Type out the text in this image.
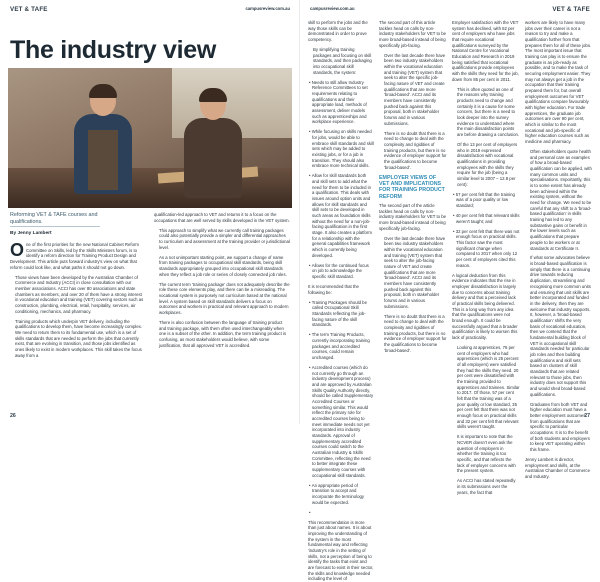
VET & TAFE	campusreview.com.au
The industry view
Reforming VET & TAFE courses and qualifications.
By Jenny Lambert

One of the first priorities for the new National Cabinet Reform Committee on Skills, led by the Skills Ministers forum, is to identify a reform direction for Training Product Design and Development. This article puts forward industry's view on what that reform could look like, and what paths it should not go down.

Those views have been developed by the Australian Chamber of Commerce and Industry (ACCI) in close consultation with our member associations. ACCI has over 80 associations and state chambers as members, and over 20 of them have a strong interest in vocational education and training (VET) covering sectors such as construction, plumbing, electrical, retail, hospitality, services, air conditioning, mechanics, and pharmacy.

Training products which underpin VET delivery, including the qualifications to develop them, have become increasingly complex. We need to return them to its fundamental use, which is a set of skills standards that are needed to perform the jobs that currently exist, that are evolving in transition, and those jobs identified as ones likely to exist in modern workplaces. This skill takes the focus away from a

qualification-led approach to VET and returns it to a focus on the occupations that are well served by skills developed in the VET system.

This approach to simplify what we currently call training packages could also potentially provide a simpler and differential approaches to curriculum and assessment at the training provider or jurisdictional level.

As a not unimportant starting point, we support a change of name from training packages to occupational skill standards, being skill standards appropriately grouped into occupational skill standards when they reflect a job role or series of closely connected job roles.

The current term 'training package' does not adequately describe the role these core elements play, and there can be a misreading. The vocational system is purposely not curriculum based at the national level. A system based on skill standards delivers a focus on outcomes and workers in practical and relevant approach to modern workplaces.

There is also confusion between the language of training product and training package, with them often used interchangeably when one is a subset of the other. In addition, the term training product is confusing, as most stakeholders would believe, with some justification, that all approved VET is accredited.

26
campusreview.com.au	VET & TAFE

skill to perform the jobs and the way those skills can be demonstrated in order to prove competency.

By simplifying training packages and focusing on skill standards, and then packaging into occupational skill standards, the system:

• Needs to still allow Industry Reference Committees to set requirements relating to qualifications and their appropriate load, methods of assessment, deliver models such as apprenticeships and workplace experience.

• While focusing on skills needed for jobs, would be able to embrace skill standards and skill sets which may be added to existing jobs, or for a job in transition. They should also embrace more technical skills.

• Allow for skill standards both and skill sets to add what the need for them to be included in a qualification. This deals with issues around option units and allows for skill standards and skill sets to be developed in such areas as foundation skills without the need for a non-job-facing qualification in the first stage. It also creates a platform for a relationship with the general capabilities framework which is currently being developed.

• Allows for the continued focus on job to acknowledge the specific skill standard.

It is recommended that the following be:

• Training Packages should be called Occupational Skill Standards reflecting the job-facing nature of the skill standards.

• The term Training Products, currently incorporating training packages and accredited courses, could remain unchanged.

• Accredited courses (which do not currently go through an industry development process) and are approved by Australian Skills Quality Authority directly, should be called Supplementary Accredited Courses or something similar. This would reflect the primary role for accredited courses being to meet immediate needs not yet incorporated into industry standards. Approval of supplementary accredited courses could switch to the Australian Industry & Skills Committee, reflecting the need to better integrate these supplementary courses with occupational skill standards.

• An appropriate period of transition to accept and incorporate the terminology would be expected.

•

This recommendation is more than just about names. It is about improving the understanding of the system in the most fundamental way and reflecting 'industry's role in the setting of skills, not a perception of being to identify the tasks that exist and are forecast to exist in their sector, the skills and knowledge needed including the level of

The second part of this article tackles head on calls by non-industry stakeholders for VET to be more broad-based instead of being specifically job-facing.

Over the last decade there have been two industry stakeholders within the vocational education and training (VET) system that seek to alter the specific job-facing nature of VET and create qualifications that are more 'broad-based'. ACCI and its members have consistently pushed back against this proposal, both in stakeholder forums and in various submissions.

There is no doubt that there is a need to change to deal with the complexity and rigidities of training products, but there is no evidence of employer support for the qualifications to become 'broad-based'.

EMPLOYER VIEWS OF VET AND IMPLICATIONS FOR TRAINING PRODUCT REFORM

The second part of the article tackles head on calls by non-industry stakeholders for VET to be more broad-based instead of being specifically job-facing.

Over the last decade there have been two industry stakeholders within the vocational education and training (VET) system that seek to alter the job-facing nature of VET and create qualifications that are more 'broad-based'. ACCI and its members have consistently pushed back against this proposal, both in stakeholder forums and in various submissions.

There is no doubt that there is a need to change to deal with the complexity and rigidities of training products, but there is no evidence of employer support for the qualifications to become 'broad-based'.

Employer satisfaction with the VET system has declined, with 52 per cent of employers who have jobs that require vocational qualifications surveyed by the National Centre for Vocational Education and Research in 2019 being satisfied that vocational qualifications provide employees with the skills they need for the job, down from 85 per cent in 2011.

This is often quoted as one of the reasons why training products need to change and certainly it is a cause for some concern, but there is a need to look deeper into the survey evidence to understand where the main dissatisfaction points are before drawing a conclusion.

Of the 13 per cent of employers who in 2019 expressed dissatisfaction with vocational qualifications in providing employees with the skills they require for the job (being a similar level to 2007 – 12.8 per cent):

• 57 per cent felt that the training was of a poor quality or low standard;

• 40 per cent felt that relevant skills weren't taught; and

• 32 per cent felt that there was not enough focus on practical skills. This factor saw the most significant change when compared to 2017 when only 12 per cent of employers cited this reason.

A logical deduction from this evidence indicates that the rise in employer dissatisfaction is largely due to concerns about training delivery and that a perceived lack of practical skills being delivered. This is a long way from any idea that the qualifications were not broad enough. It could be successfully argued that a broader qualification is likely to worsen this lack of practicality.

Looking at apprentices, 76 per cent of employers who had apprentices (which is 25 percent of all employers) were satisfied they had the skills they need. 20 per cent were dissatisfied with the training provided to apprentices and trainees. Similar to 2017. Of those, 57 per cent felt that the training was of a poor quality or low standard, 35 per cent felt that there was not enough focus on practical skills and 32 per cent felt that relevant skills weren't taught.

It is important to note that the NCVER doesn't even ask the question of employers in whether the training is too specific, and that reflects the lack of employer concerns with the present system.

As ACCI has stated repeatedly in its submissions over the years, the fact that

workers are likely to have many jobs over their career is not a reason to try and make a qualification further from that prepares them for all of these jobs. The most important issue that training can play is to ensure the graduate is as job-ready as possible, and to make the task of securing employment easier. They may not always get a job in the occupation that their training prepared them for, but overall employment outcomes for VET qualifications compare favourably with higher education. For trade apprentices, the graduate job outcomes are over 90 per cent, which is similar to the most vocational and job-specific of higher education courses such as medicine and pharmacy.

Often stakeholders quote health and personal care as examples of how a broad-based qualification can be applied, with many common units and specialisations. Importantly, this is to some extent has already been achieved within the existing system, without the need for change. We need to be careful that any shift to a 'broad-based qualification' in skills training has led to any substantive gains or benefit in the lower levels such as qualifications that prepare people to be workers or at standards at Certificate II.

If what some advocates believe is broad-based qualification is simply that there is a continuing drive towards reducing duplication, streamlining and recognising more common units and ensuring that unit skills are better incorporated and funded in the delivery, then they are welcome that industry supports. It, however, a 'broad-based qualification' shifts the very basis of vocational education, then we contend that the fundamental building block of VET is occupational skill standards needed for particular job roles and then building qualifications and skill sets based on clusters of skill standards that are related relevant to those jobs, then industry does not support this and would shed broad-based qualifications.

Graduates from both VET and higher education must have a better employment outcomes from qualifications that are specific to particular occupations. It is to the benefit of both students and employers to keep VET operating within this frame.

Jenny Lambert is director, employment and skills, at the Australian Chamber of Commerce and Industry.

27
